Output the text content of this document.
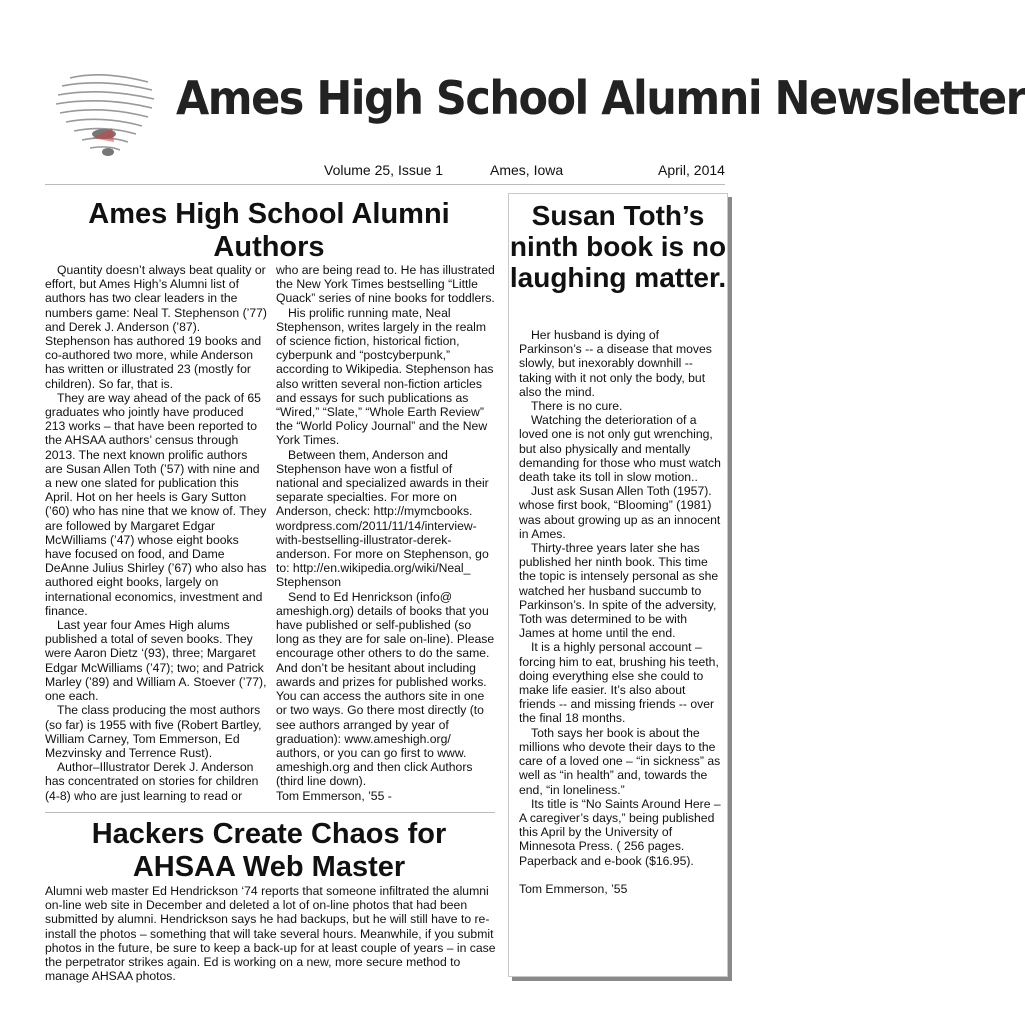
Ames High School Alumni Newsletter
Volume 25, Issue 1	Ames, Iowa	April, 2014
Ames High School Alumni Authors

Quantity doesn’t always beat quality or effort, but Ames High’s Alumni list of authors has two clear leaders in the numbers game: Neal T. Stephenson (’77) and Derek J. Anderson (’87). Stephenson has authored 19 books and co-authored two more, while Anderson has written or illustrated 23 (mostly for children). So far, that is.

They are way ahead of the pack of 65 graduates who jointly have produced 213 works – that have been reported to the AHSAA authors’ census through 2013. The next known prolific authors are Susan Allen Toth (’57) with nine and a new one slated for publication this April. Hot on her heels is Gary Sutton (’60) who has nine that we know of. They are followed by Margaret Edgar McWilliams (’47) whose eight books have focused on food, and Dame DeAnne Julius Shirley (’67) who also has authored eight books, largely on international economics, investment and finance.

Last year four Ames High alums published a total of seven books. They were Aaron Dietz ‘(93), three; Margaret Edgar McWilliams (’47); two; and Patrick Marley (’89) and William A. Stoever (’77), one each.

The class producing the most authors (so far) is 1955 with five (Robert Bartley, William Carney, Tom Emmerson, Ed Mezvinsky and Terrence Rust).

Author–Illustrator Derek J. Anderson has concentrated on stories for children (4-8) who are just learning to read or

who are being read to. He has illustrated the New York Times bestselling “Little Quack” series of nine books for toddlers.

His prolific running mate, Neal Stephenson, writes largely in the realm of science fiction, historical fiction, cyberpunk and “postcyberpunk,” according to Wikipedia. Stephenson has also written several non-fiction articles and essays for such publications as “Wired,” “Slate,” “Whole Earth Review” the “World Policy Journal” and the New York Times.

Between them, Anderson and Stephenson have won a fistful of national and specialized awards in their separate specialties. For more on Anderson, check: http://mymcbooks. wordpress.com/2011/11/14/interview-with-bestselling-illustrator-derek-anderson. For more on Stephenson, go to: http://en.wikipedia.org/wiki/Neal_ Stephenson

Send to Ed Henrickson (info@ ameshigh.org) details of books that you have published or self-published (so long as they are for sale on-line). Please encourage other others to do the same. And don’t be hesitant about including awards and prizes for published works. You can access the authors site in one or two ways. Go there most directly (to see authors arranged by year of graduation): www.ameshigh.org/ authors, or you can go first to www. ameshigh.org and then click Authors (third line down).

Tom Emmerson, ’55 -

Hackers Create Chaos for AHSAA Web Master
Alumni web master Ed Hendrickson ‘74 reports that someone infiltrated the alumni on-line web site in December and deleted a lot of on-line photos that had been submitted by alumni. Hendrickson says he had backups, but he will still have to re-install the photos – something that will take several hours. Meanwhile, if you submit photos in the future, be sure to keep a back-up for at least couple of years – in case the perpetrator strikes again. Ed is working on a new, more secure method to manage AHSAA photos.
Susan Toth’s ninth book is no laughing matter.

Her husband is dying of Parkinson’s -- a disease that moves slowly, but inexorably downhill -- taking with it not only the body, but also the mind.

There is no cure.

Watching the deterioration of a loved one is not only gut wrenching, but also physically and mentally demanding for those who must watch death take its toll in slow motion..

Just ask Susan Allen Toth (1957). whose first book, “Blooming” (1981) was about growing up as an innocent in Ames.

Thirty-three years later she has published her ninth book. This time the topic is intensely personal as she watched her husband succumb to Parkinson’s. In spite of the adversity, Toth was determined to be with James at home until the end.

It is a highly personal account – forcing him to eat, brushing his teeth, doing everything else she could to make life easier. It’s also about friends -- and missing friends -- over the final 18 months.

Toth says her book is about the millions who devote their days to the care of a loved one – “in sickness” as well as “in health” and, towards the end, “in loneliness.”

Its title is “No Saints Around Here – A caregiver’s days,” being published this April by the University of Minnesota Press. ( 256 pages. Paperback and e-book ($16.95).

Tom Emmerson, ’55
